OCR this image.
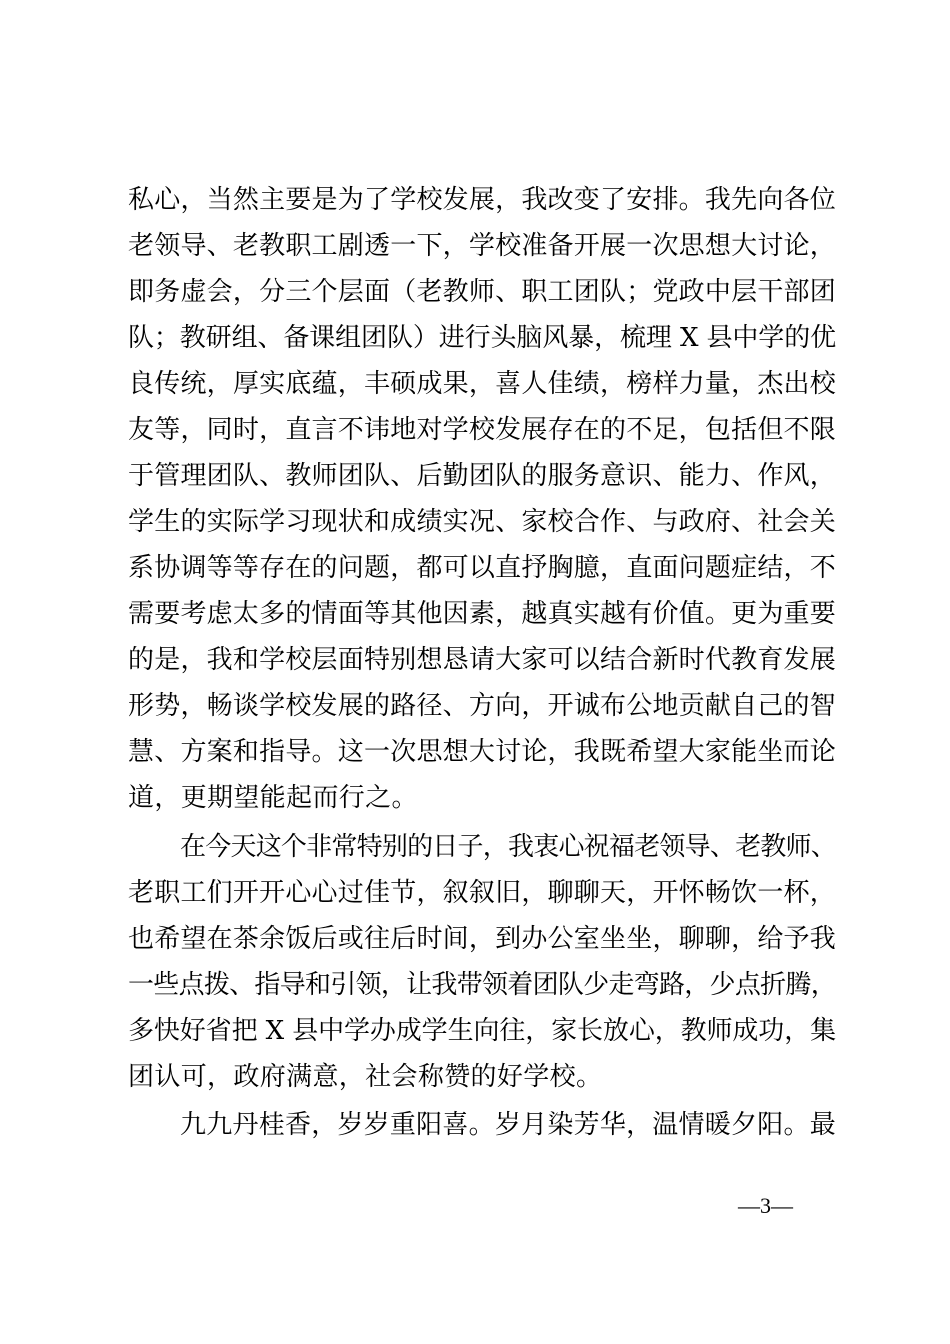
私心，当然主要是为了学校发展，我改变了安排。我先向各位
老领导、老教职工剧透一下，学校准备开展一次思想大讨论，
即务虚会，分三个层面（老教师、职工团队；党政中层干部团
队；教研组、备课组团队）进行头脑风暴，梳理 X 县中学的优
良传统，厚实底蕴，丰硕成果，喜人佳绩，榜样力量，杰出校
友等，同时，直言不讳地对学校发展存在的不足，包括但不限
于管理团队、教师团队、后勤团队的服务意识、能力、作风，
学生的实际学习现状和成绩实况、家校合作、与政府、社会关
系协调等等存在的问题，都可以直抒胸臆，直面问题症结，不
需要考虑太多的情面等其他因素，越真实越有价值。更为重要
的是，我和学校层面特别想恳请大家可以结合新时代教育发展
形势，畅谈学校发展的路径、方向，开诚布公地贡献自己的智
慧、方案和指导。这一次思想大讨论，我既希望大家能坐而论
道，更期望能起而行之。
在今天这个非常特别的日子，我衷心祝福老领导、老教师、
老职工们开开心心过佳节，叙叙旧，聊聊天，开怀畅饮一杯，
也希望在茶余饭后或往后时间，到办公室坐坐，聊聊，给予我
一些点拨、指导和引领，让我带领着团队少走弯路，少点折腾，
多快好省把 X 县中学办成学生向往，家长放心，教师成功，集
团认可，政府满意，社会称赞的好学校。
九九丹桂香，岁岁重阳喜。岁月染芳华，温情暖夕阳。最
—3—
